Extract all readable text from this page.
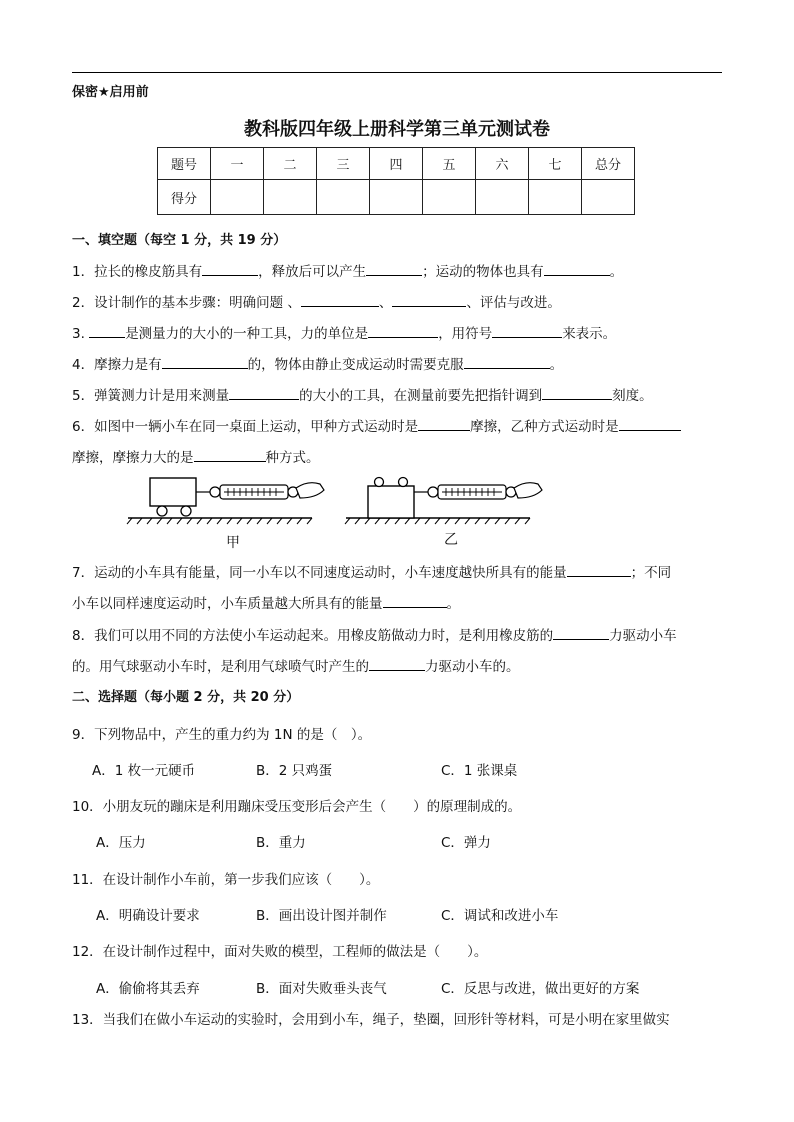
保密★启用前
教科版四年级上册科学第三单元测试卷
题号	一	二	三	四	五	六	七	总分
得分								
一、填空题（每空 1 分，共 19 分）
1．拉长的橡皮筋具有	，释放后可以产生	；运动的物体也具有	。
2．设计制作的基本步骤：明确问题 、	、	、评估与改进。
3.	是测量力的大小的一种工具，力的单位是	，用符号	来表示。
4．摩擦力是有	的，物体由静止变成运动时需要克服	。
5．弹簧测力计是用来测量	的大小的工具，在测量前要先把指针调到	刻度。
6．如图中一辆小车在同一桌面上运动，甲种方式运动时是	摩擦，乙种方式运动时是
摩擦，摩擦力大的是	种方式。
甲	乙
7．运动的小车具有能量，同一小车以不同速度运动时，小车速度越快所具有的能量	；不同
小车以同样速度运动时，小车质量越大所具有的能量	。
8．我们可以用不同的方法使小车运动起来。用橡皮筋做动力时，是利用橡皮筋的	力驱动小车
的。用气球驱动小车时，是利用气球喷气时产生的	力驱动小车的。
二、选择题（每小题 2 分，共 20 分）
9．下列物品中，产生的重力约为 1N 的是（　）。
A．1 枚一元硬币	B．2 只鸡蛋	C．1 张课桌
10．小朋友玩的蹦床是利用蹦床受压变形后会产生（　　）的原理制成的。
A．压力	B．重力	C．弹力
11．在设计制作小车前，第一步我们应该（　　）。
A．明确设计要求	B．画出设计图并制作	C．调试和改进小车
12．在设计制作过程中，面对失败的模型，工程师的做法是（　　）。
A．偷偷将其丢弃	B．面对失败垂头丧气	C．反思与改进，做出更好的方案
13．当我们在做小车运动的实验时，会用到小车，绳子，垫圈，回形针等材料，可是小明在家里做实
